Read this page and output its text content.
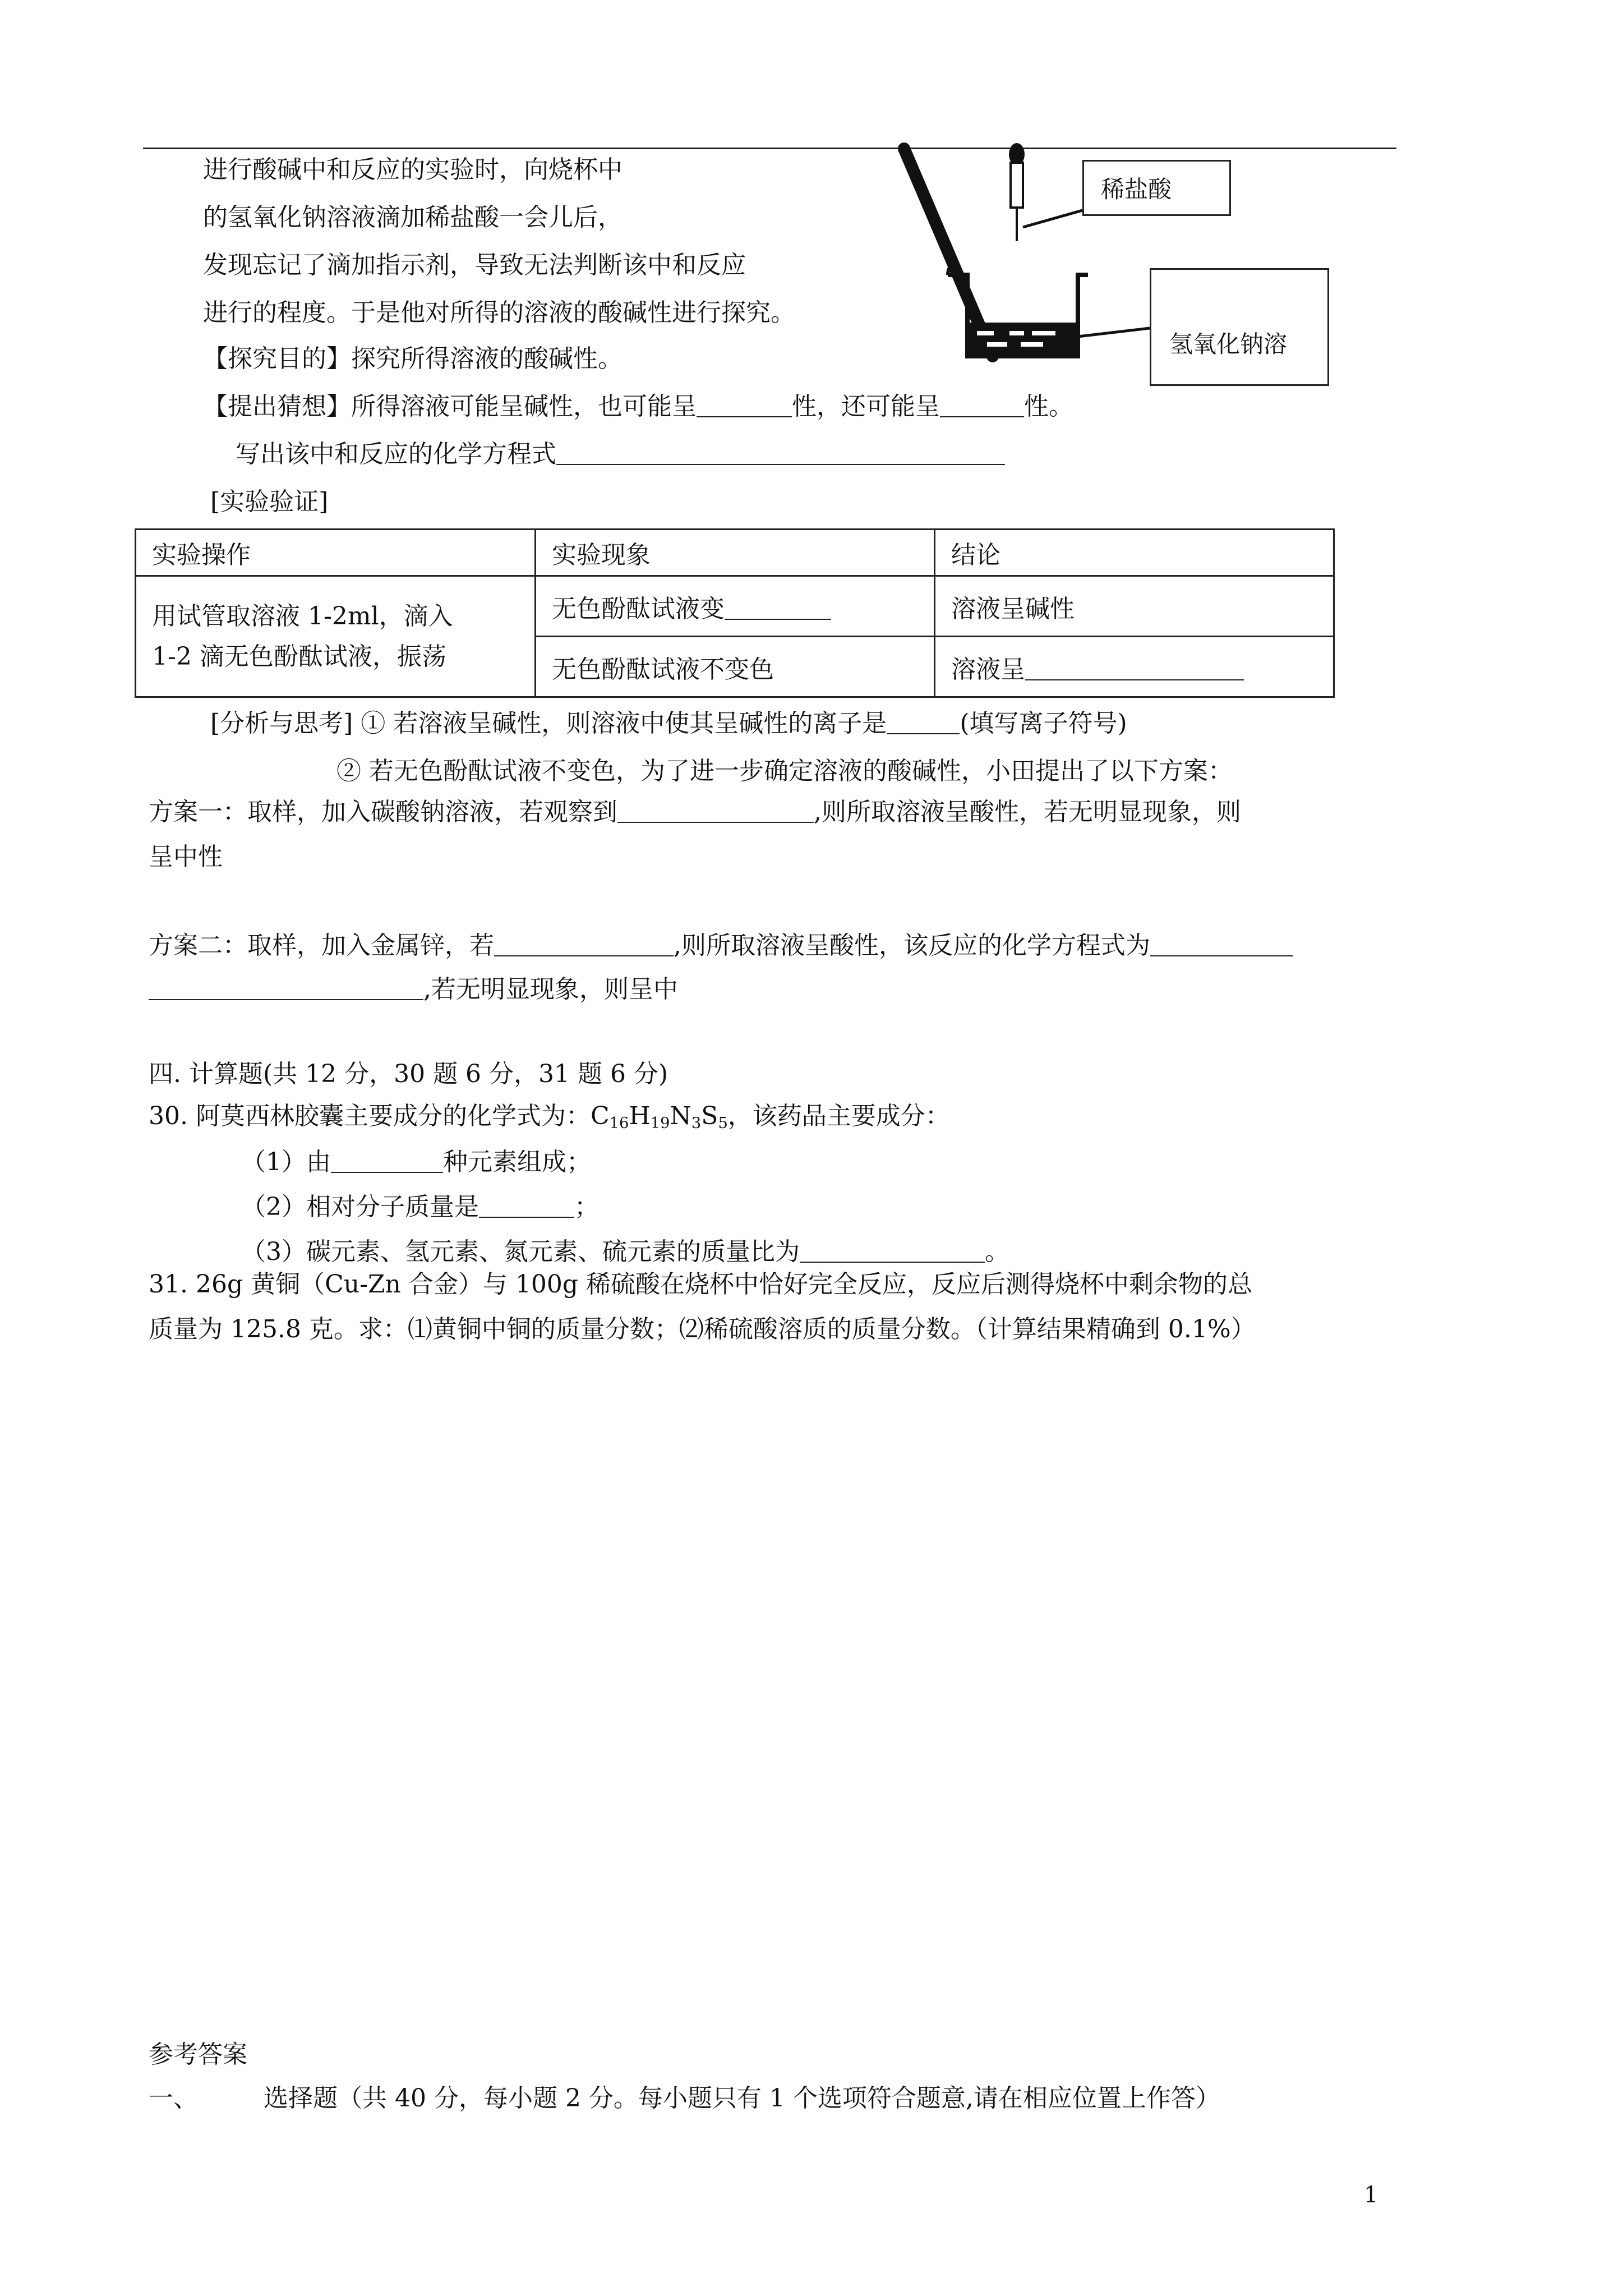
进行酸碱中和反应的实验时，向烧杯中
的氢氧化钠溶液滴加稀盐酸一会儿后，
发现忘记了滴加指示剂，导致无法判断该中和反应
进行的程度。于是他对所得的溶液的酸碱性进行探究。
稀盐酸
氢氧化钠溶
【探究目的】探究所得溶液的酸碱性。
【提出猜想】所得溶液可能呈碱性，也可能呈	性，还可能呈	性。
写出该中和反应的化学方程式
[实验验证]
实验操作	实验现象	结论

用试管取溶液 1-2ml，滴入
1-2 滴无色酚酞试液，振荡	无色酚酞试液变	溶液呈碱性
	无色酚酞试液不变色	溶液呈
[分析与思考] ① 若溶液呈碱性，则溶液中使其呈碱性的离子是	(填写离子符号)
② 若无色酚酞试液不变色，为了进一步确定溶液的酸碱性，小田提出了以下方案：
方案一：取样，加入碳酸钠溶液，若观察到	,则所取溶液呈酸性，若无明显现象，则
呈中性
方案二：取样，加入金属锌，若	,则所取溶液呈酸性，该反应的化学方程式为
,若无明显现象，则呈中
四. 计算题(共 12 分，30 题 6 分，31 题 6 分)
30. 阿莫西林胶囊主要成分的化学式为：$C_{16}H_{19}N_3S_5$，该药品主要成分：
（1）由	种元素组成；
（2）相对分子质量是	；
（3）碳元素、氢元素、氮元素、硫元素的质量比为	。
31. 26g 黄铜（Cu-Zn 合金）与 100g 稀硫酸在烧杯中恰好完全反应，反应后测得烧杯中剩余物的总
质量为 125.8 克。求：⑴黄铜中铜的质量分数；⑵稀硫酸溶质的质量分数。（计算结果精确到 0.1%）
参考答案
一、	选择题（共 40 分，每小题 2 分。每小题只有 1 个选项符合题意,请在相应位置上作答）
1
